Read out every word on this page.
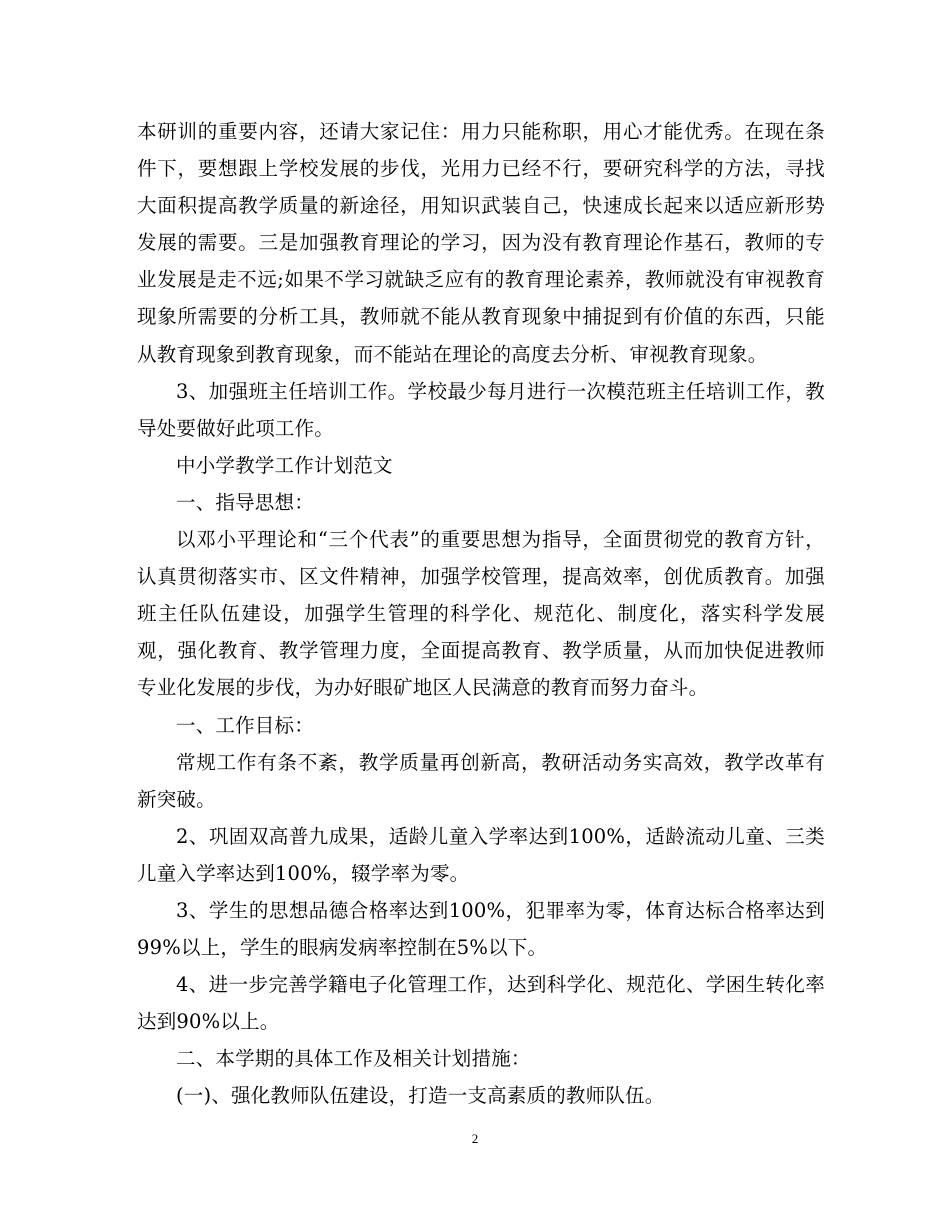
本研训的重要内容，还请大家记住：用力只能称职，用心才能优秀。在现在条件下，要想跟上学校发展的步伐，光用力已经不行，要研究科学的方法，寻找大面积提高教学质量的新途径，用知识武装自己，快速成长起来以适应新形势发展的需要。三是加强教育理论的学习，因为没有教育理论作基石，教师的专业发展是走不远;如果不学习就缺乏应有的教育理论素养，教师就没有审视教育现象所需要的分析工具，教师就不能从教育现象中捕捉到有价值的东西，只能从教育现象到教育现象，而不能站在理论的高度去分析、审视教育现象。

3、加强班主任培训工作。学校最少每月进行一次模范班主任培训工作，教导处要做好此项工作。

中小学教学工作计划范文

一、指导思想：

以邓小平理论和“三个代表”的重要思想为指导，全面贯彻党的教育方针，认真贯彻落实市、区文件精神，加强学校管理，提高效率，创优质教育。加强班主任队伍建设，加强学生管理的科学化、规范化、制度化，落实科学发展观，强化教育、教学管理力度，全面提高教育、教学质量，从而加快促进教师专业化发展的步伐，为办好眼矿地区人民满意的教育而努力奋斗。

一、工作目标：

常规工作有条不紊，教学质量再创新高，教研活动务实高效，教学改革有新突破。

2、巩固双高普九成果，适龄儿童入学率达到100%，适龄流动儿童、三类儿童入学率达到100%，辍学率为零。

3、学生的思想品德合格率达到100%，犯罪率为零，体育达标合格率达到99%以上，学生的眼病发病率控制在5%以下。

4、进一步完善学籍电子化管理工作，达到科学化、规范化、学困生转化率达到90%以上。

二、本学期的具体工作及相关计划措施：

(一)、强化教师队伍建设，打造一支高素质的教师队伍。

2
